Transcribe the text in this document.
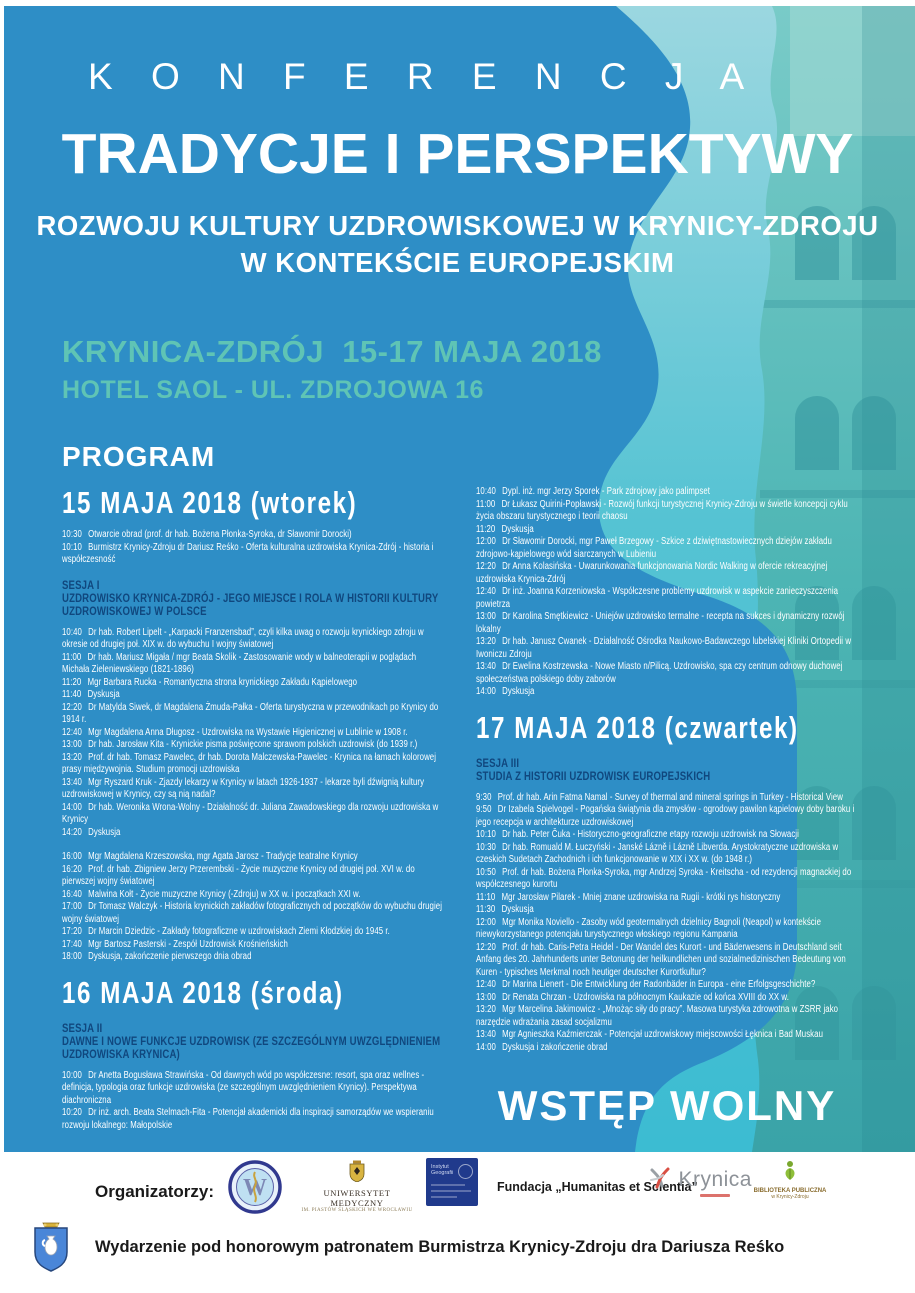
K O N F E R E N C J A
TRADYCJE I PERSPEKTYWY
ROZWOJU KULTURY UZDROWISKOWEJ W KRYNICY-ZDROJU
W KONTEKŚCIE EUROPEJSKIM
KRYNICA-ZDRÓJ  15-17 MAJA 2018
HOTEL SAOL - UL. ZDROJOWA 16
PROGRAM
15 MAJA 2018 (wtorek)
10:30 Otwarcie obrad (prof. dr hab. Bożena Płonka-Syroka, dr Sławomir Dorocki)
10:10 Burmistrz Krynicy-Zdroju dr Dariusz Reśko - Oferta kulturalna uzdrowiska Krynica-Zdrój - historia i współczesność
SESJA I
UZDROWISKO KRYNICA-ZDRÓJ - JEGO MIEJSCE I ROLA W HISTORII KULTURY UZDROWISKOWEJ W POLSCE
10:40 Dr hab. Robert Lipelt - „Karpacki Franzensbad”, czyli kilka uwag o rozwoju krynickiego zdroju w okresie od drugiej poł. XIX w. do wybuchu I wojny światowej
11:00 Dr hab. Mariusz Migała / mgr Beata Skolik - Zastosowanie wody w balneoterapii w poglądach Michała Zieleniewskiego (1821-1896)
11:20 Mgr Barbara Rucka - Romantyczna strona krynickiego Zakładu Kąpielowego
11:40 Dyskusja
12:20 Dr Matylda Siwek, dr Magdalena Żmuda-Pałka - Oferta turystyczna w przewodnikach po Krynicy do 1914 r.
12:40 Mgr Magdalena Anna Długosz - Uzdrowiska na Wystawie Higienicznej w Lublinie w 1908 r.
13:00 Dr hab. Jarosław Kita - Krynickie pisma poświęcone sprawom polskich uzdrowisk (do 1939 r.)
13:20 Prof. dr hab. Tomasz Pawelec, dr hab. Dorota Malczewska-Pawelec - Krynica na łamach kolorowej prasy międzywojnia. Studium promocji uzdrowiska
13:40 Mgr Ryszard Kruk - Zjazdy lekarzy w Krynicy w latach 1926-1937 - lekarze byli dźwignią kultury uzdrowiskowej w Krynicy, czy są nią nadal?
14:00 Dr hab. Weronika Wrona-Wolny - Działalność dr. Juliana Zawadowskiego dla rozwoju uzdrowiska w Krynicy
14:20 Dyskusja
16:00 Mgr Magdalena Krzeszowska, mgr Agata Jarosz - Tradycje teatralne Krynicy
16:20 Prof. dr hab. Zbigniew Jerzy Przerembski - Życie muzyczne Krynicy od drugiej poł. XVI w. do pierwszej wojny światowej
16:40 Malwina Kołt - Życie muzyczne Krynicy (-Zdroju) w XX w. i początkach XXI w.
17:00 Dr Tomasz Walczyk - Historia krynickich zakładów fotograficznych od początków do wybuchu drugiej wojny światowej
17:20 Dr Marcin Dziedzic - Zakłady fotograficzne w uzdrowiskach Ziemi Kłodzkiej do 1945 r.
17:40 Mgr Bartosz Pasterski - Zespół Uzdrowisk Krośnieńskich
18:00 Dyskusja, zakończenie pierwszego dnia obrad
16 MAJA 2018 (środa)
SESJA II
DAWNE I NOWE FUNKCJE UZDROWISK (ZE SZCZEGÓLNYM UWZGLĘDNIENIEM UZDROWISKA KRYNICA)
10:00 Dr Anetta Bogusława Strawińska - Od dawnych wód po współczesne: resort, spa oraz wellnes - definicja, typologia oraz funkcje uzdrowiska (ze szczególnym uwzględnieniem Krynicy). Perspektywa diachroniczna
10:20 Dr inż. arch. Beata Stelmach-Fita - Potencjał akademicki dla inspiracji samorządów we wspieraniu rozwoju lokalnego: Małopolskie
10:40 Dypl. inż. mgr Jerzy Sporek - Park zdrojowy jako palimpset
11:00 Dr Łukasz Quirini-Popławski - Rozwój funkcji turystycznej Krynicy-Zdroju w świetle koncepcji cyklu życia obszaru turystycznego i teorii chaosu
11:20 Dyskusja
12:00 Dr Sławomir Dorocki, mgr Paweł Brzegowy - Szkice z dziwiętnastowiecznych dziejów zakładu zdrojowo-kąpielowego wód siarczanych w Lubieniu
12:20 Dr Anna Kolasińska - Uwarunkowania funkcjonowania Nordic Walking w ofercie rekreacyjnej uzdrowiska Krynica-Zdrój
12:40 Dr inż. Joanna Korzeniowska - Współczesne problemy uzdrowisk w aspekcie zanieczyszczenia powietrza
13:00 Dr Karolina Smętkiewicz - Uniejów uzdrowisko termalne - recepta na sukces i dynamiczny rozwój lokalny
13:20 Dr hab. Janusz Cwanek - Działalność Ośrodka Naukowo-Badawczego lubelskiej Kliniki Ortopedii w Iwoniczu Zdroju
13:40 Dr Ewelina Kostrzewska - Nowe Miasto n/Pilicą. Uzdrowisko, spa czy centrum odnowy duchowej społeczeństwa polskiego doby zaborów
14:00 Dyskusja
17 MAJA 2018 (czwartek)
SESJA III
STUDIA Z HISTORII UZDROWISK EUROPEJSKICH
9:30 Prof. dr hab. Arin Fatma Namal - Survey of thermal and mineral springs in Turkey - Historical View
9:50 Dr Izabela Spielvogel - Pogańska świątynia dla zmysłów - ogrodowy pawilon kąpielowy doby baroku i jego recepcja w architekturze uzdrowiskowej
10:10 Dr hab. Peter Čuka - Historyczno-geograficzne etapy rozwoju uzdrowisk na Słowacji
10:30 Dr hab. Romuald M. Łuczyński - Janské Lázně i Lázně Libverda. Arystokratyczne uzdrowiska w czeskich Sudetach Zachodnich i ich funkcjonowanie w XIX i XX w. (do 1948 r.)
10:50 Prof. dr hab. Bożena Płonka-Syroka, mgr Andrzej Syroka - Kreitscha - od rezydencji magnackiej do współczesnego kurortu
11:10 Mgr Jarosław Pilarek - Mniej znane uzdrowiska na Rugii - krótki rys historyczny
11:30 Dyskusja
12:00 Mgr Monika Noviello - Zasoby wód geotermalnych dzielnicy Bagnoli (Neapol) w kontekście niewykorzystanego potencjału turystycznego włoskiego regionu Kampania
12:20 Prof. dr hab. Caris-Petra Heidel - Der Wandel des Kurort - und Bäderwesens in Deutschland seit Anfang des 20. Jahrhunderts unter Betonung der heilkundlichen und sozialmedizinischen Bedeutung von Kuren - typisches Merkmal noch heutiger deutscher Kurortkultur?
12:40 Dr Marina Lienert - Die Entwicklung der Radonbäder in Europa - eine Erfolgsgeschichte?
13:00 Dr Renata Chrzan - Uzdrowiska na północnym Kaukazie od końca XVIII do XX w.
13:20 Mgr Marcelina Jakimowicz - „Mnożąc siły do pracy”. Masowa turystyka zdrowotna w ZSRR jako narzędzie wdrażania zasad socjalizmu
13:40 Mgr Agnieszka Kaźmierczak - Potencjał uzdrowiskowy miejscowości Łęknica i Bad Muskau
14:00 Dyskusja i zakończenie obrad
WSTĘP WOLNY
Organizatorzy: W	UNIWERSYTET MEDYCZNY
IM. PIASTÓW ŚLĄSKICH WE WROCŁAWIU
Instytut Geografii
Fundacja „Humanitas et Scientia”
Krynica BIBLIOTEKA PUBLICZNA
w Krynicy-Zdroju
Wydarzenie pod honorowym patronatem Burmistrza Krynicy-Zdroju dra Dariusza Reśko
